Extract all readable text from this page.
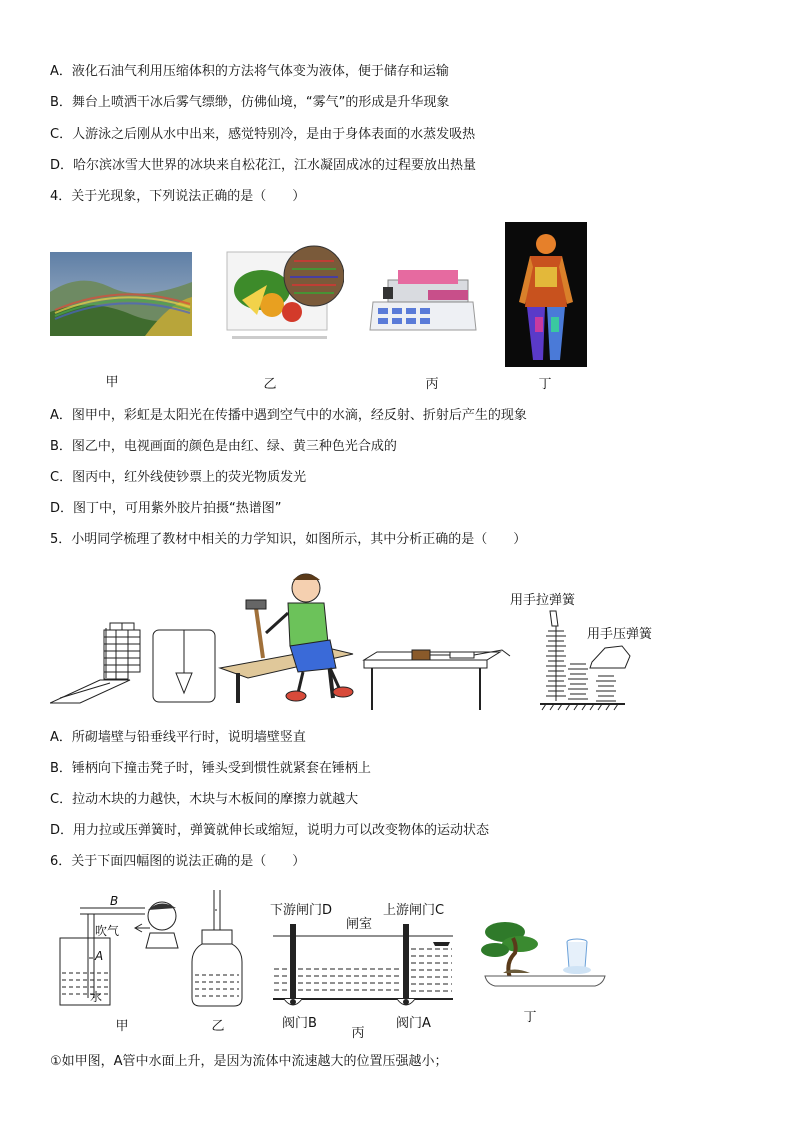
A．液化石油气利用压缩体积的方法将气体变为液体，便于储存和运输
B．舞台上喷洒干冰后雾气缥缈，仿佛仙境，“雾气”的形成是升华现象
C．人游泳之后刚从水中出来，感觉特别冷，是由于身体表面的水蒸发吸热
D．哈尔滨冰雪大世界的冰块来自松花江，江水凝固成冰的过程要放出热量
4．关于光现象，下列说法正确的是（　　）
甲	乙	丙	丁
A．图甲中，彩虹是太阳光在传播中遇到空气中的水滴，经反射、折射后产生的现象
B．图乙中，电视画面的颜色是由红、绿、黄三种色光合成的
C．图丙中，红外线使钞票上的荧光物质发光
D．图丁中，可用紫外胶片拍摄“热谱图”
5．小明同学梳理了教材中相关的力学知识，如图所示，其中分析正确的是（　　）
用手拉弹簧
用手压弹簧
A．所砌墙壁与铅垂线平行时，说明墙壁竖直
B．锤柄向下撞击凳子时，锤头受到惯性就紧套在锤柄上
C．拉动木块的力越快，木块与木板间的摩擦力就越大
D．用力拉或压弹簧时，弹簧就伸长或缩短，说明力可以改变物体的运动状态
6．关于下面四幅图的说法正确的是（　　）
B
吹气
A
水
甲	乙
下游闸门D
闸室
上游闸门C
阀门B	阀门A
丙
丁
①如甲图，A管中水面上升，是因为流体中流速越大的位置压强越小；
